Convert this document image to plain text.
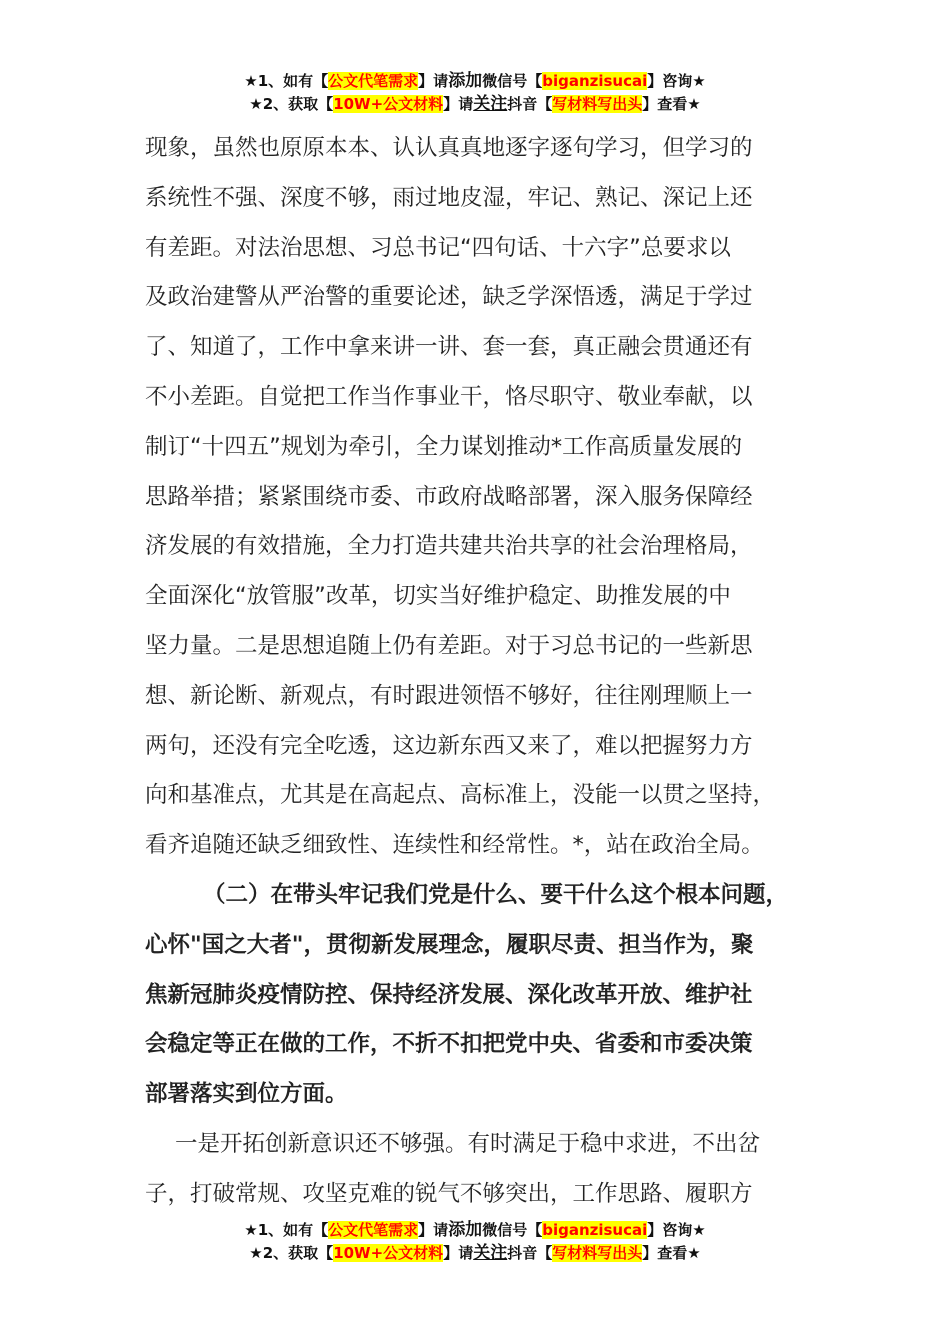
★1、如有【公文代笔需求】请添加微信号【biganzisucai】咨询★
★2、获取【10W+公文材料】请关注抖音【写材料写出头】查看★
现象，虽然也原原本本、认认真真地逐字逐句学习，但学习的
系统性不强、深度不够，雨过地皮湿，牢记、熟记、深记上还
有差距。对法治思想、习总书记“四句话、十六字”总要求以
及政治建警从严治警的重要论述，缺乏学深悟透，满足于学过
了、知道了，工作中拿来讲一讲、套一套，真正融会贯通还有
不小差距。自觉把工作当作事业干，恪尽职守、敬业奉献，以
制订“十四五”规划为牵引，全力谋划推动*工作高质量发展的
思路举措；紧紧围绕市委、市政府战略部署，深入服务保障经
济发展的有效措施，全力打造共建共治共享的社会治理格局，
全面深化“放管服”改革，切实当好维护稳定、助推发展的中
坚力量。二是思想追随上仍有差距。对于习总书记的一些新思
想、新论断、新观点，有时跟进领悟不够好，往往刚理顺上一
两句，还没有完全吃透，这边新东西又来了，难以把握努力方
向和基准点，尤其是在高起点、高标准上，没能一以贯之坚持，
看齐追随还缺乏细致性、连续性和经常性。*，站在政治全局。
（二）在带头牢记我们党是什么、要干什么这个根本问题，
心怀"国之大者"，贯彻新发展理念，履职尽责、担当作为，聚
焦新冠肺炎疫情防控、保持经济发展、深化改革开放、维护社
会稳定等正在做的工作，不折不扣把党中央、省委和市委决策
部署落实到位方面。
一是开拓创新意识还不够强。有时满足于稳中求进，不出岔
子，打破常规、攻坚克难的锐气不够突出，工作思路、履职方
★1、如有【公文代笔需求】请添加微信号【biganzisucai】咨询★
★2、获取【10W+公文材料】请关注抖音【写材料写出头】查看★
